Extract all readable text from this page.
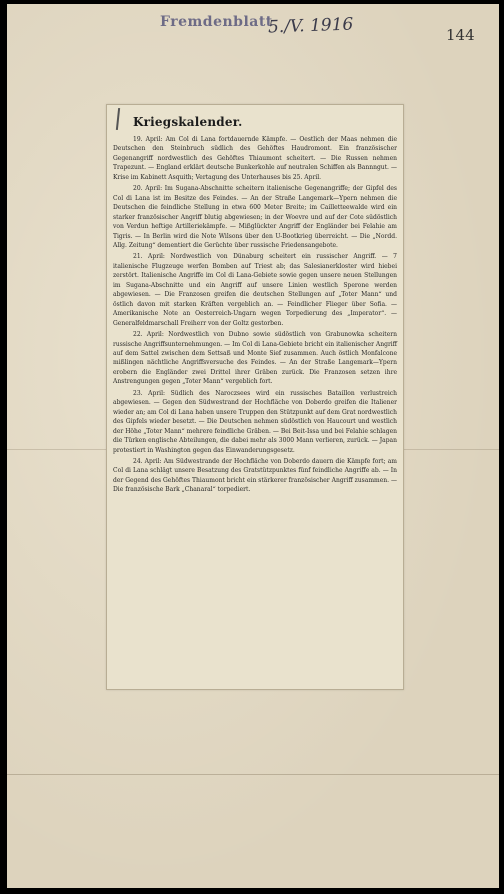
Fremdenblatt
5./V. 1916	144
Kriegskalender.

19. April: Am Col di Lana fortdauernde Kämpfe. — Oestlich der Maas nehmen die Deutschen den Steinbruch südlich des Gehöftes Haudromont. Ein französischer Gegenangriff nordwestlich des Gehöftes Thiaumont scheitert. — Die Russen nehmen Trapezunt. — England erklärt deutsche Bunkerkohle auf neutralen Schiffen als Bannngut. — Krise im Kabinett Asquith; Vertagung des Unterhauses bis 25. April.

20. April: Im Sugana-Abschnitte scheitern italienische Gegenangriffe; der Gipfel des Col di Lana ist im Besitze des Feindes. — An der Straße Langemark—Ypern nehmen die Deutschen die feindliche Stellung in etwa 600 Meter Breite; im Cailletteewalde wird ein starker französischer Angriff blutig abgewiesen; in der Woevre und auf der Cote südöstlich von Verdun heftige Artilleriekämpfe. — Mißglückter Angriff der Engländer bei Felahie am Tigris. — In Berlin wird die Note Wilsons über den U-Bootkrieg überreicht. — Die „Nordd. Allg. Zeitung“ dementiert die Gerüchte über russische Friedensangebote.

21. April: Nordwestlich von Dünaburg scheitert ein russischer Angriff. — 7 italienische Flugzeuge werfen Bomben auf Triest ab; das Salesianerkloster wird hiebei zerstört. Italienische Angriffe im Col di Lana-Gebiete sowie gegen unsere neuen Stellungen im Sugana-Abschnitte und ein Angriff auf unsere Linien westlich Sperone werden abgewiesen. — Die Franzosen greifen die deutschen Stellungen auf „Toter Mann“ und östlich davon mit starken Kräften vergeblich an. — Feindlicher Flieger über Sofia. — Amerikanische Note an Oesterreich-Ungarn wegen Torpedierung des „Imperator“. — Generalfeldmarschall Freiherr von der Goltz gestorben.

22. April: Nordwestlich von Dubno sowie südöstlich von Grabunowka scheitern russische Angriffsunternehmungen. — Im Col di Lana-Gebiete bricht ein italienischer Angriff auf dem Sattel zwischen dem Settsaß und Monte Sief zusammen. Auch östlich Monfalcone mißlingen nächtliche Angriffsversuche des Feindes. — An der Straße Langemark—Ypern erobern die Engländer zwei Drittel ihrer Gräben zurück. Die Franzosen setzen ihre Anstrengungen gegen „Toter Mann“ vergeblich fort.

23. April: Südlich des Naroczsees wird ein russisches Bataillon verlustreich abgewiesen. — Gegen den Südwestrand der Hochfläche von Doberdo greifen die Italiener wieder an; am Col di Lana haben unsere Truppen den Stützpunkt auf dem Grat nordwestlich des Gipfels wieder besetzt. — Die Deutschen nehmen südöstlich von Haucourt und westlich der Höhe „Toter Mann“ mehrere feindliche Gräben. — Bei Beit-Issa und bei Felahie schlagen die Türken englische Abteilungen, die dabei mehr als 3000 Mann verlieren, zurück. — Japan protestiert in Washington gegen das Einwanderungsgesetz.

24. April: Am Südwestrande der Hochfläche von Doberdo dauern die Kämpfe fort; am Col di Lana schlägt unsere Besatzung des Gratstützpunktes fünf feindliche Angriffe ab. — In der Gegend des Gehöftes Thiaumont bricht ein stärkerer französischer Angriff zusammen. — Die französische Bark „Chanaral“ torpediert.
